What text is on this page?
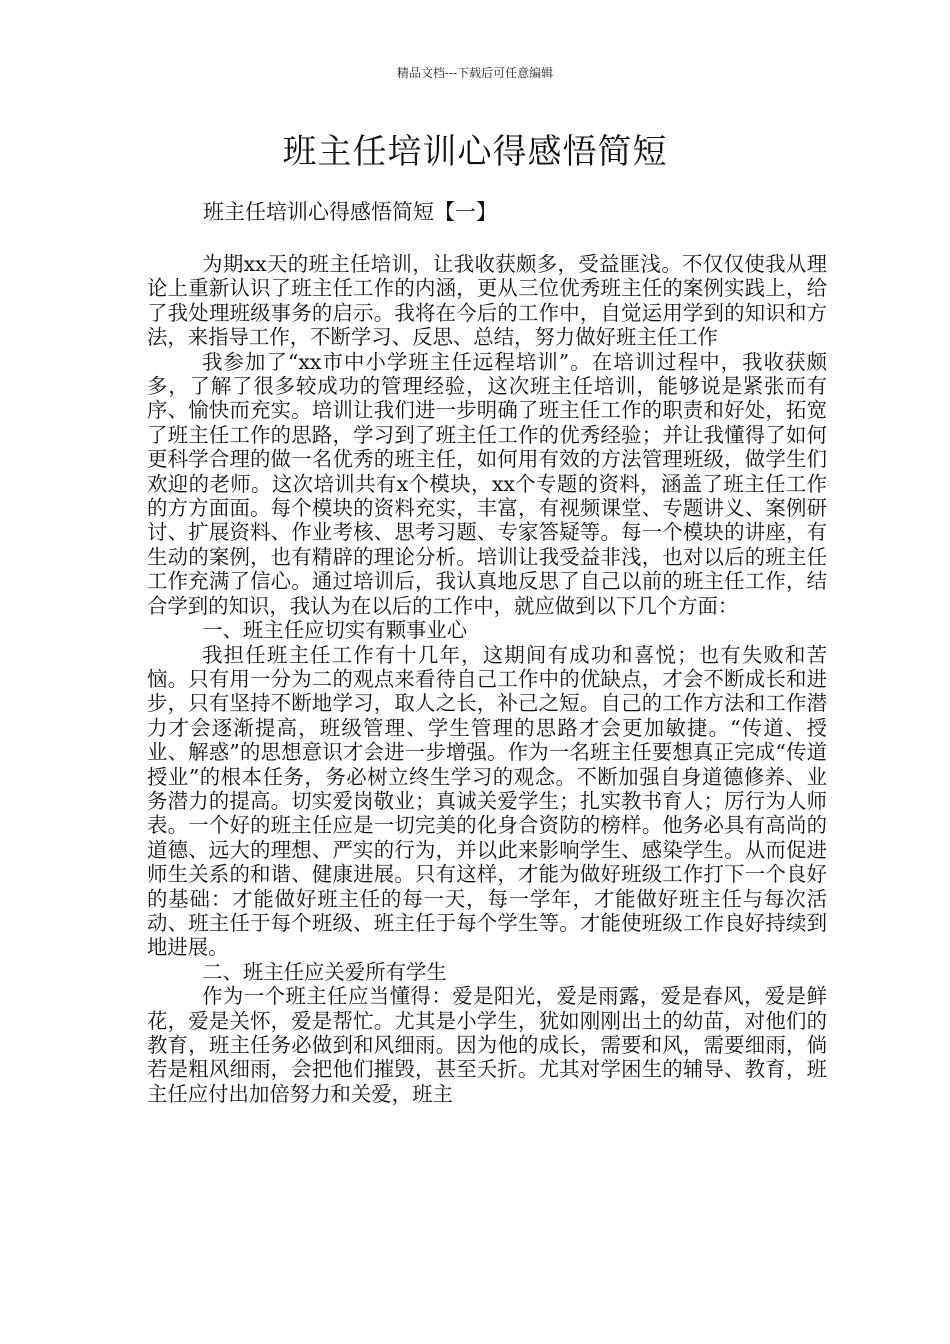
精品文档---下载后可任意编辑
班主任培训心得感悟简短
班主任培训心得感悟简短【一】

为期xx天的班主任培训，让我收获颇多，受益匪浅。不仅仅使我从理论上重新认识了班主任工作的内涵，更从三位优秀班主任的案例实践上，给了我处理班级事务的启示。我将在今后的工作中，自觉运用学到的知识和方法，来指导工作，不断学习、反思、总结，努力做好班主任工作

我参加了“xx市中小学班主任远程培训”。在培训过程中，我收获颇多，了解了很多较成功的管理经验，这次班主任培训，能够说是紧张而有序、愉快而充实。培训让我们进一步明确了班主任工作的职责和好处，拓宽了班主任工作的思路，学习到了班主任工作的优秀经验；并让我懂得了如何更科学合理的做一名优秀的班主任，如何用有效的方法管理班级，做学生们欢迎的老师。这次培训共有x个模块，xx个专题的资料，涵盖了班主任工作的方方面面。每个模块的资料充实，丰富，有视频课堂、专题讲义、案例研讨、扩展资料、作业考核、思考习题、专家答疑等。每一个模块的讲座，有生动的案例，也有精辟的理论分析。培训让我受益非浅，也对以后的班主任工作充满了信心。通过培训后，我认真地反思了自己以前的班主任工作，结合学到的知识，我认为在以后的工作中，就应做到以下几个方面：

一、班主任应切实有颗事业心

我担任班主任工作有十几年，这期间有成功和喜悦；也有失败和苦恼。只有用一分为二的观点来看待自己工作中的优缺点，才会不断成长和进步，只有坚持不断地学习，取人之长，补己之短。自己的工作方法和工作潜力才会逐渐提高，班级管理、学生管理的思路才会更加敏捷。“传道、授业、解惑”的思想意识才会进一步增强。作为一名班主任要想真正完成“传道授业”的根本任务，务必树立终生学习的观念。不断加强自身道德修养、业务潜力的提高。切实爱岗敬业；真诚关爱学生；扎实教书育人；厉行为人师表。一个好的班主任应是一切完美的化身合资防的榜样。他务必具有高尚的道德、远大的理想、严实的行为，并以此来影响学生、感染学生。从而促进师生关系的和谐、健康进展。只有这样，才能为做好班级工作打下一个良好的基础：才能做好班主任的每一天，每一学年，才能做好班主任与每次活动、班主任于每个班级、班主任于每个学生等。才能使班级工作良好持续到地进展。

二、班主任应关爱所有学生

作为一个班主任应当懂得：爱是阳光，爱是雨露，爱是春风，爱是鲜花，爱是关怀，爱是帮忙。尤其是小学生，犹如刚刚出土的幼苗，对他们的教育，班主任务必做到和风细雨。因为他的成长，需要和风，需要细雨，倘若是粗风细雨，会把他们摧毁，甚至夭折。尤其对学困生的辅导、教育，班主任应付出加倍努力和关爱，班主
